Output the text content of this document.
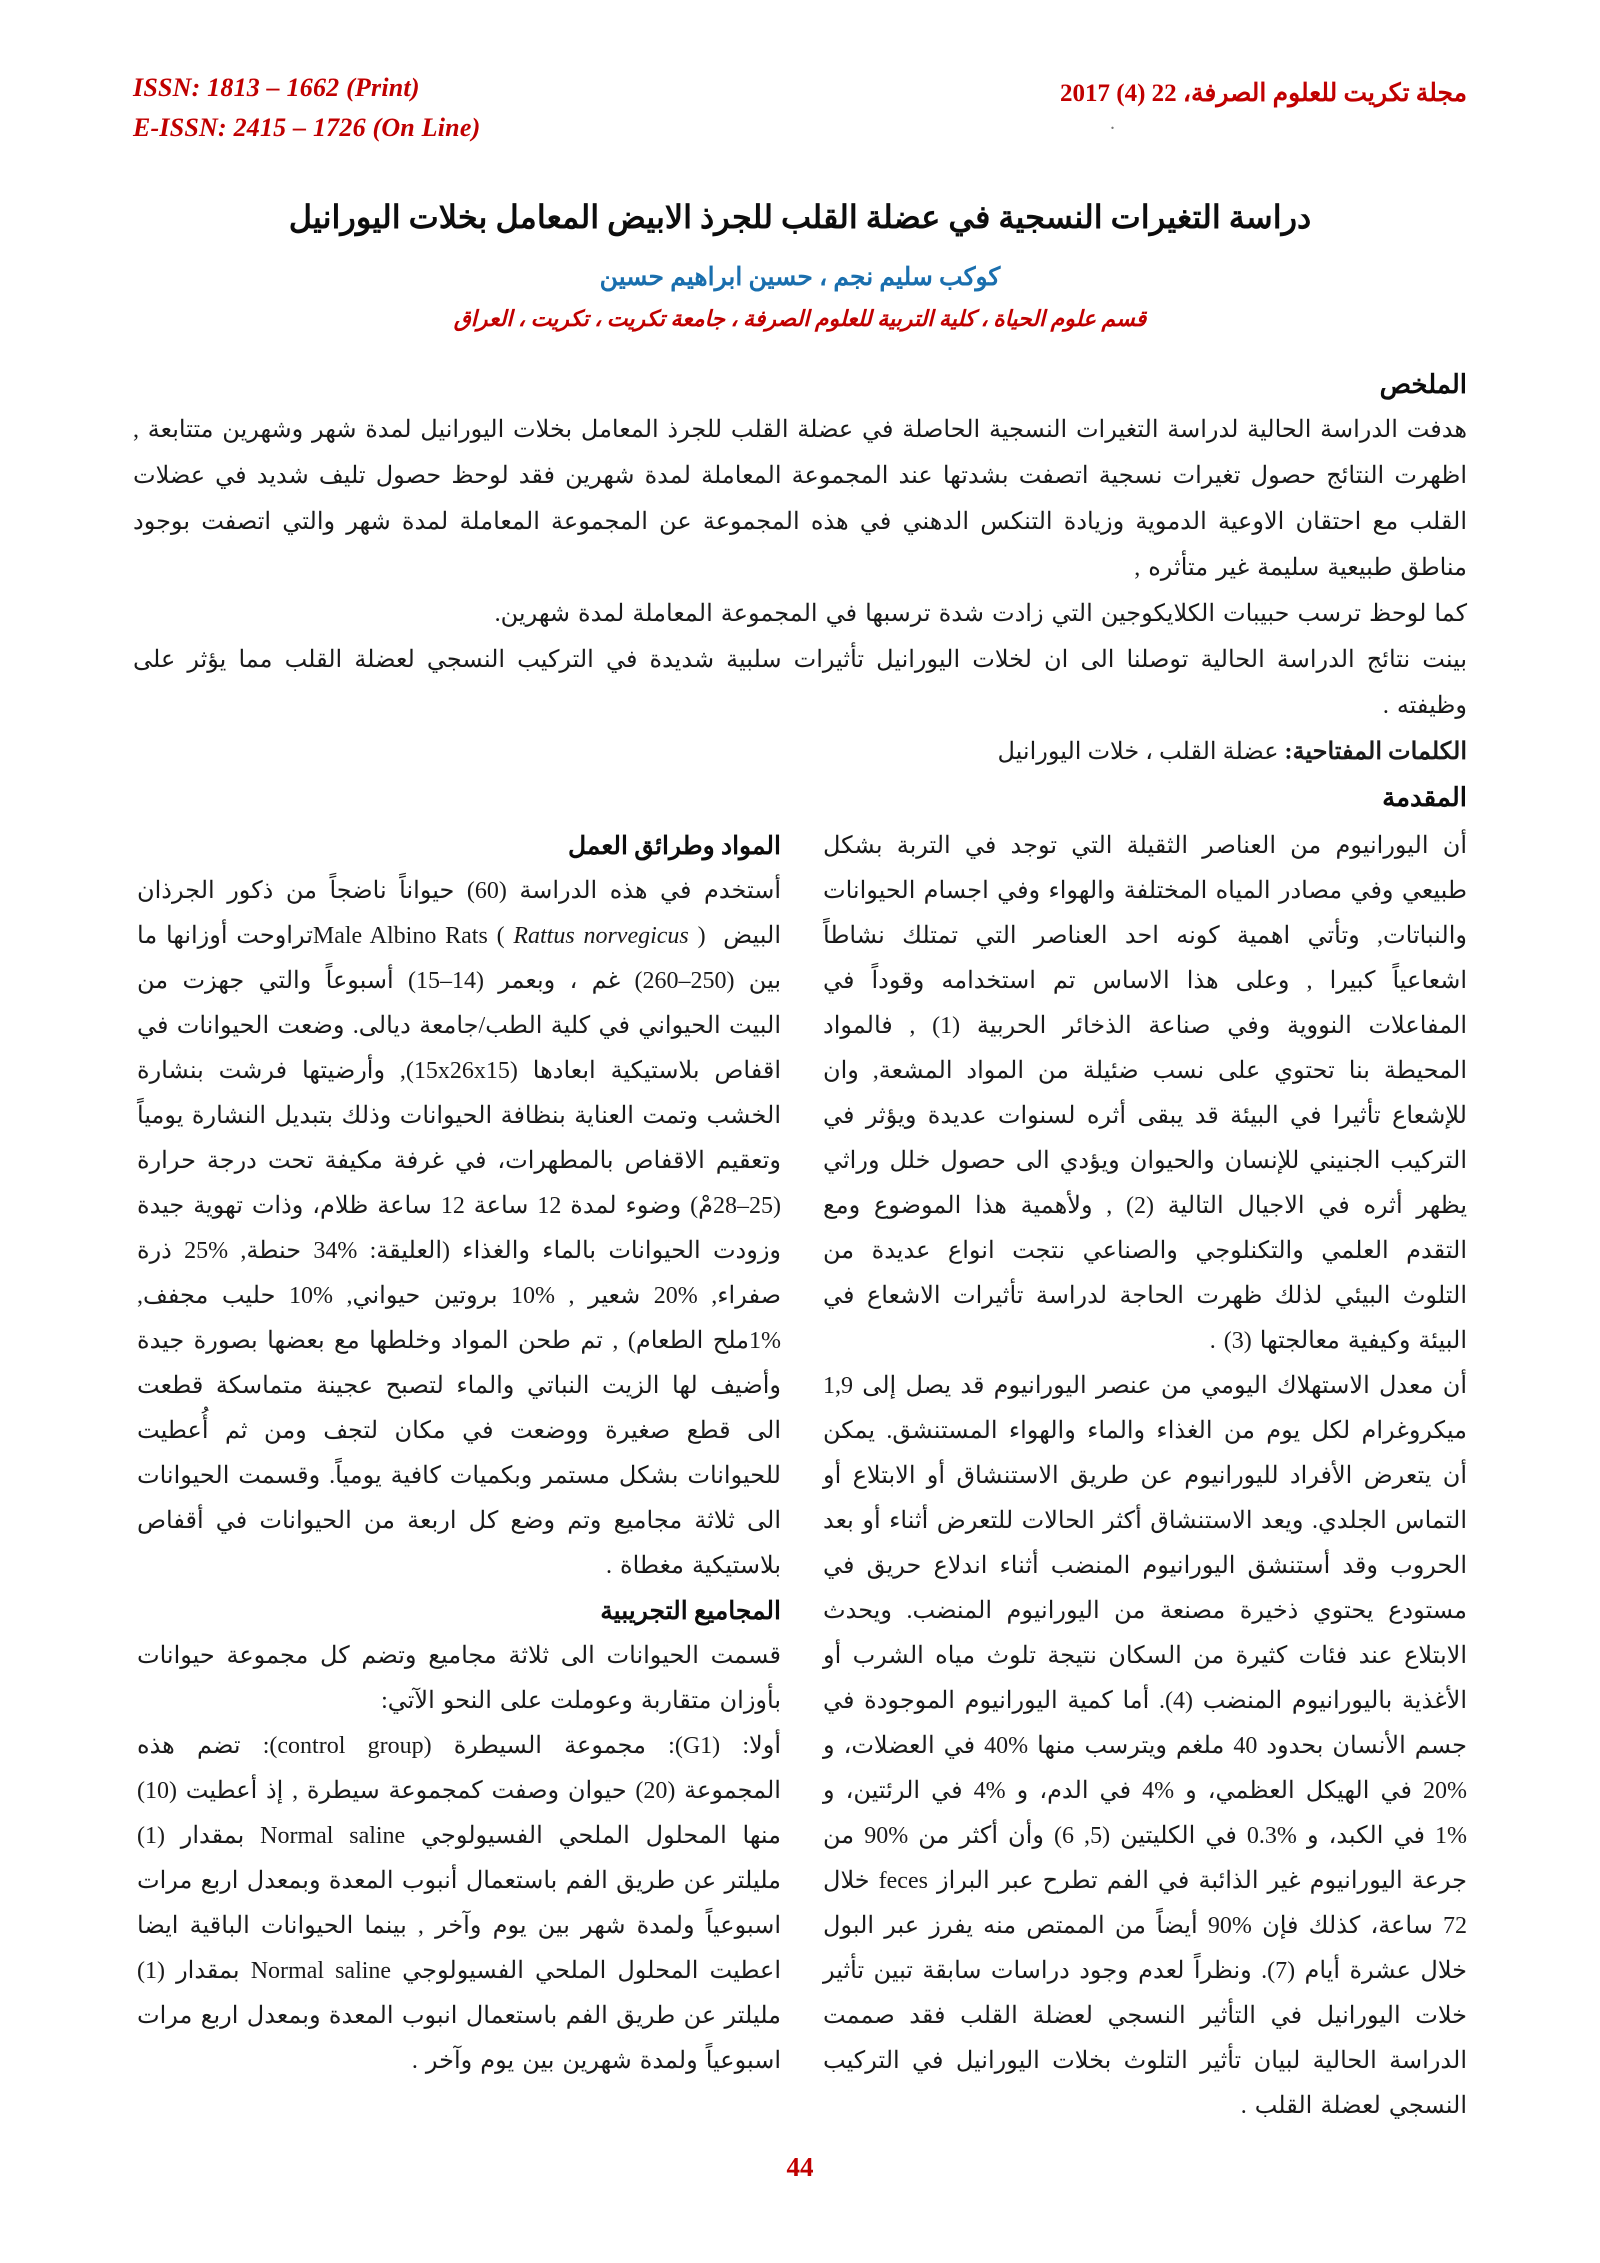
ISSN: 1813 – 1662 (Print)
E-ISSN: 2415 – 1726 (On Line)
مجلة تكريت للعلوم الصرفة، 22 (4) 2017
.
دراسة التغيرات النسجية في عضلة القلب للجرذ الابيض المعامل بخلات اليورانيل
كوكب سليم نجم ، حسين ابراهيم حسين
قسم علوم الحياة ، كلية التربية للعلوم الصرفة ، جامعة تكريت ، تكريت ، العراق
الملخص

هدفت الدراسة الحالية لدراسة التغيرات النسجية الحاصلة في عضلة القلب للجرذ المعامل بخلات اليورانيل لمدة شهر وشهرين متتابعة , اظهرت النتائج حصول تغيرات نسجية اتصفت بشدتها عند المجموعة المعاملة لمدة شهرين فقد لوحظ حصول تليف شديد في عضلات القلب مع احتقان الاوعية الدموية وزيادة التنكس الدهني في هذه المجموعة عن المجموعة المعاملة لمدة شهر والتي اتصفت بوجود مناطق طبيعية سليمة غير متأثره ,

كما لوحظ ترسب حبيبات الكلايكوجين التي زادت شدة ترسبها في المجموعة المعاملة لمدة شهرين.

بينت نتائج الدراسة الحالية توصلنا الى ان لخلات اليورانيل تأثيرات سلبية شديدة في التركيب النسجي لعضلة القلب مما يؤثر على وظيفته .

الكلمات المفتاحية: عضلة القلب ، خلات اليورانيل

المقدمة

أن اليورانيوم من العناصر الثقيلة التي توجد في التربة بشكل طبيعي وفي مصادر المياه المختلفة والهواء وفي اجسام الحيوانات والنباتات, وتأتي اهمية كونه احد العناصر التي تمتلك نشاطاً اشعاعياً كبيرا , وعلى هذا الاساس تم استخدامه وقوداً في المفاعلات النووية وفي صناعة الذخائر الحربية (1) , فالمواد المحيطة بنا تحتوي على نسب ضئيلة من المواد المشعة, وان للإشعاع تأثيرا في البيئة قد يبقى أثره لسنوات عديدة ويؤثر في التركيب الجنيني للإنسان والحيوان ويؤدي الى حصول خلل وراثي يظهر أثره في الاجيال التالية (2) , ولأهمية هذا الموضوع ومع التقدم العلمي والتكنلوجي والصناعي نتجت انواع عديدة من التلوث البيئي لذلك ظهرت الحاجة لدراسة تأثيرات الاشعاع في البيئة وكيفية معالجتها (3) .

أن معدل الاستهلاك اليومي من عنصر اليورانيوم قد يصل إلى 1,9 ميكروغرام لكل يوم من الغذاء والماء والهواء المستنشق. يمكن أن يتعرض الأفراد لليورانيوم عن طريق الاستنشاق أو الابتلاع أو التماس الجلدي. ويعد الاستنشاق أكثر الحالات للتعرض أثناء أو بعد الحروب وقد أستنشق اليورانيوم المنضب أثناء اندلاع حريق في مستودع يحتوي ذخيرة مصنعة من اليورانيوم المنضب. ويحدث الابتلاع عند فئات كثيرة من السكان نتيجة تلوث مياه الشرب أو الأغذية باليورانيوم المنضب (4). أما كمية اليورانيوم الموجودة في جسم الأنسان بحدود 40 ملغم ويترسب منها %40 في العضلات، و %20 في الهيكل العظمي، و %4 في الدم، و %4 في الرئتين، و %1 في الكبد، و %0.3 في الكليتين (5, 6) وأن أكثر من %90 من جرعة اليورانيوم غير الذائبة في الفم تطرح عبر البراز feces خلال 72 ساعة، كذلك فإن %90 أيضاً من الممتص منه يفرز عبر البول خلال عشرة أيام (7). ونظراً لعدم وجود دراسات سابقة تبين تأثير خلات اليورانيل في التأثير النسجي لعضلة القلب فقد صممت الدراسة الحالية لبيان تأثير التلوث بخلات اليورانيل في التركيب النسجي لعضلة القلب .

المواد وطرائق العمل

أستخدم في هذه الدراسة (60) حيواناً ناضجاً من ذكور الجرذان البيض Male Albino Rats ( Rattus norvegicus ) تراوحت أوزانها ما بين (250–260) غم ، وبعمر (14–15) أسبوعاً والتي جهزت من البيت الحيواني في كلية الطب/جامعة ديالى. وضعت الحيوانات في اقفاص بلاستيكية ابعادها (15x26x15), وأرضيتها فرشت بنشارة الخشب وتمت العناية بنظافة الحيوانات وذلك بتبديل النشارة يومياً وتعقيم الاقفاص بالمطهرات، في غرفة مكيفة تحت درجة حرارة (25–28مْ) وضوء لمدة 12 ساعة 12 ساعة ظلام، وذات تهوية جيدة وزودت الحيوانات بالماء والغذاء (العليقة: %34 حنطة, %25 ذرة صفراء, %20 شعير , %10 بروتين حيواني, %10 حليب مجفف, %1ملح الطعام) , تم طحن المواد وخلطها مع بعضها بصورة جيدة وأضيف لها الزيت النباتي والماء لتصبح عجينة متماسكة قطعت الى قطع صغيرة ووضعت في مكان لتجف ومن ثم أُعطيت للحيوانات بشكل مستمر وبكميات كافية يومياً. وقسمت الحيوانات الى ثلاثة مجاميع وتم وضع كل اربعة من الحيوانات في أقفاص بلاستيكية مغطاة .

المجاميع التجريبية

قسمت الحيوانات الى ثلاثة مجاميع وتضم كل مجموعة حيوانات بأوزان متقاربة وعوملت على النحو الآتي:

أولا: (G1): مجموعة السيطرة (control group): تضم هذه المجموعة (20) حيوان وصفت كمجموعة سيطرة , إذ أعطيت (10) منها المحلول الملحي الفسيولوجي Normal saline بمقدار (1) مليلتر عن طريق الفم باستعمال أنبوب المعدة وبمعدل اربع مرات اسبوعياً ولمدة شهر بين يوم وآخر , بينما الحيوانات الباقية ايضا اعطيت المحلول الملحي الفسيولوجي Normal saline بمقدار (1) مليلتر عن طريق الفم باستعمال انبوب المعدة وبمعدل اربع مرات اسبوعياً ولمدة شهرين بين يوم وآخر .

44
